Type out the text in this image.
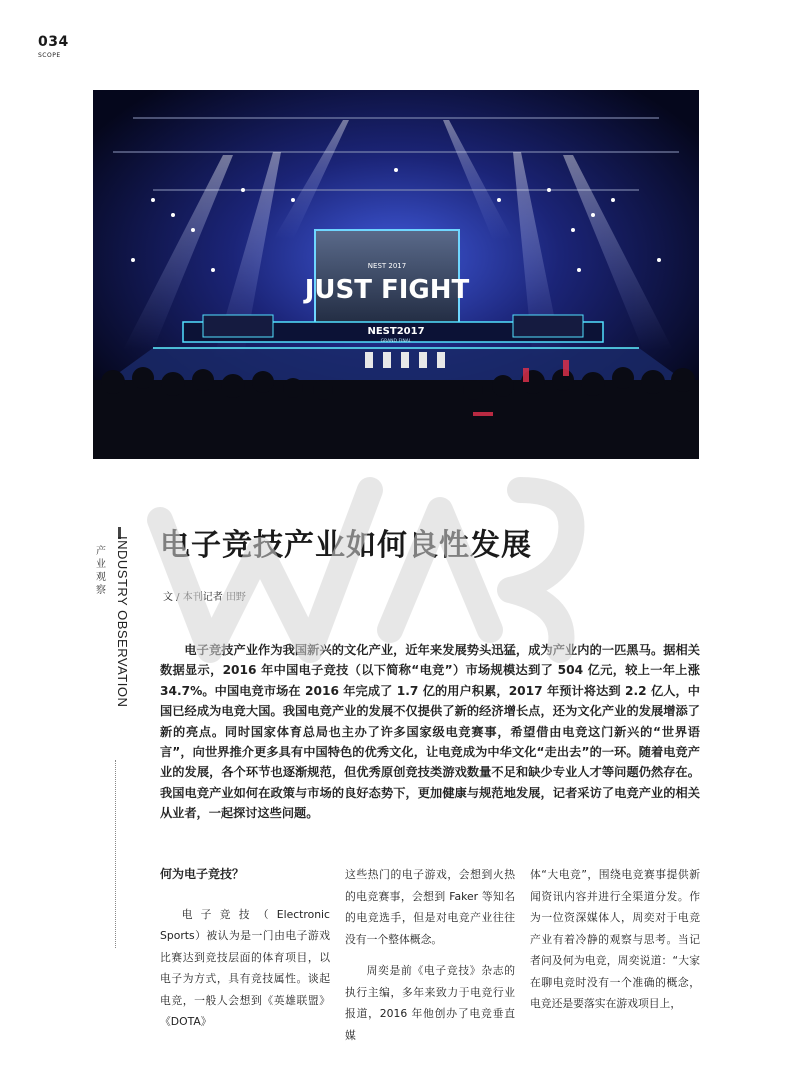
034
SCOPE
NEST 2017
JUST FIGHT
NEST2017
GRAND FINAL
产业观察 INDUSTRY OBSERVATION 电子竞技产业如何良性发展
文 / 本刊记者 田野
电子竞技产业作为我国新兴的文化产业，近年来发展势头迅猛，成为产业内的一匹黑马。据相关数据显示，2016 年中国电子竞技（以下简称“电竞”）市场规模达到了 504 亿元，较上一年上涨 34.7%。中国电竞市场在 2016 年完成了 1.7 亿的用户积累，2017 年预计将达到 2.2 亿人，中国已经成为电竞大国。我国电竞产业的发展不仅提供了新的经济增长点，还为文化产业的发展增添了新的亮点。同时国家体育总局也主办了许多国家级电竞赛事，希望借由电竞这门新兴的“世界语言”，向世界推介更多具有中国特色的优秀文化，让电竞成为中华文化“走出去”的一环。随着电竞产业的发展，各个环节也逐渐规范，但优秀原创竞技类游戏数量不足和缺少专业人才等问题仍然存在。我国电竞产业如何在政策与市场的良好态势下，更加健康与规范地发展，记者采访了电竞产业的相关从业者，一起探讨这些问题。

何为电子竞技？

电子竞技（Electronic Sports）被认为是一门由电子游戏比赛达到竞技层面的体育项目，以电子为方式，具有竞技属性。谈起电竞，一般人会想到《英雄联盟》《DOTA》

这些热门的电子游戏，会想到火热的电竞赛事，会想到 Faker 等知名的电竞选手，但是对电竞产业往往没有一个整体概念。

周奕是前《电子竞技》杂志的执行主编，多年来致力于电竞行业报道，2016 年他创办了电竞垂直媒

体“大电竞”，围绕电竞赛事提供新闻资讯内容并进行全渠道分发。作为一位资深媒体人，周奕对于电竞产业有着冷静的观察与思考。当记者问及何为电竞，周奕说道：“大家在聊电竞时没有一个准确的概念，电竞还是要落实在游戏项目上，
